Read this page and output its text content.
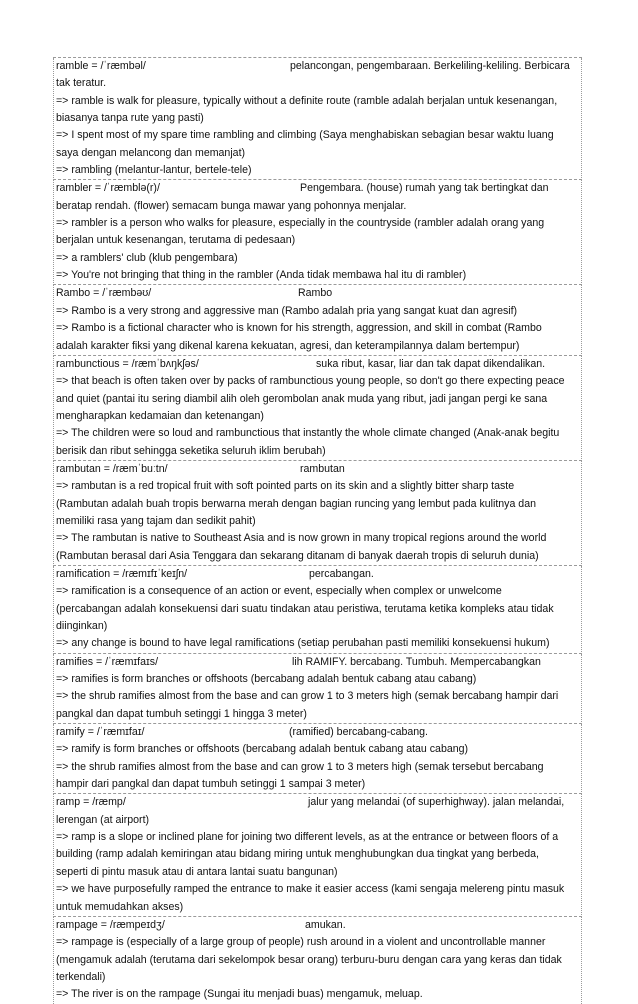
ramble = /ˈræmbəl/	pelancongan, pengembaraan. Berkeliling-keliling. Berbicara
tak teratur.
=> ramble is walk for pleasure, typically without a definite route (ramble adalah berjalan untuk kesenangan,
biasanya tanpa rute yang pasti)
=> I spent most of my spare time rambling and climbing (Saya menghabiskan sebagian besar waktu luang
saya dengan melancong dan memanjat)
=> rambling (melantur-lantur, bertele-tele)
rambler = /ˈræmblə(r)/	Pengembara. (house) rumah yang tak bertingkat dan
beratap rendah. (flower) semacam bunga mawar yang pohonnya menjalar.
=> rambler is a person who walks for pleasure, especially in the countryside (rambler adalah orang yang
berjalan untuk kesenangan, terutama di pedesaan)
=> a ramblers' club (klub pengembara)
=> You're not bringing that thing in the rambler (Anda tidak membawa hal itu di rambler)
Rambo = /ˈræmbəʊ/	Rambo
=> Rambo is a very strong and aggressive man (Rambo adalah pria yang sangat kuat dan agresif)
=> Rambo is a fictional character who is known for his strength, aggression, and skill in combat (Rambo
adalah karakter fiksi yang dikenal karena kekuatan, agresi, dan keterampilannya dalam bertempur)
rambunctious = /ræmˈbʌŋkʃəs/	suka ribut, kasar, liar dan tak dapat dikendalikan.
=> that beach is often taken over by packs of rambunctious young people, so don't go there expecting peace
and quiet (pantai itu sering diambil alih oleh gerombolan anak muda yang ribut, jadi jangan pergi ke sana
mengharapkan kedamaian dan ketenangan)
=> The children were so loud and rambunctious that instantly the whole climate changed (Anak-anak begitu
berisik dan ribut sehingga seketika seluruh iklim berubah)
rambutan = /ræmˈbuːtn/	rambutan
=> rambutan is a red tropical fruit with soft pointed parts on its skin and a slightly bitter sharp taste
(Rambutan adalah buah tropis berwarna merah dengan bagian runcing yang lembut pada kulitnya dan
memiliki rasa yang tajam dan sedikit pahit)
=> The rambutan is native to Southeast Asia and is now grown in many tropical regions around the world
(Rambutan berasal dari Asia Tenggara dan sekarang ditanam di banyak daerah tropis di seluruh dunia)
ramification = /ræmɪfɪˈkeɪʃn/	percabangan.
=> ramification is a consequence of an action or event, especially when complex or unwelcome
(percabangan adalah konsekuensi dari suatu tindakan atau peristiwa, terutama ketika kompleks atau tidak
diinginkan)
=> any change is bound to have legal ramifications (setiap perubahan pasti memiliki konsekuensi hukum)
ramifies = /ˈræmɪfaɪs/	lih RAMIFY. bercabang. Tumbuh. Mempercabangkan
=> ramifies is form branches or offshoots (bercabang adalah bentuk cabang atau cabang)
=> the shrub ramifies almost from the base and can grow 1 to 3 meters high (semak bercabang hampir dari
pangkal dan dapat tumbuh setinggi 1 hingga 3 meter)
ramify = /ˈræmɪfaɪ/	(ramified) bercabang-cabang.
=> ramify is form branches or offshoots (bercabang adalah bentuk cabang atau cabang)
=> the shrub ramifies almost from the base and can grow 1 to 3 meters high (semak tersebut bercabang
hampir dari pangkal dan dapat tumbuh setinggi 1 sampai 3 meter)
ramp = /ræmp/	jalur yang melandai (of superhighway). jalan melandai,
lerengan (at airport)
=> ramp is a slope or inclined plane for joining two different levels, as at the entrance or between floors of a
building (ramp adalah kemiringan atau bidang miring untuk menghubungkan dua tingkat yang berbeda,
seperti di pintu masuk atau di antara lantai suatu bangunan)
=> we have purposefully ramped the entrance to make it easier access (kami sengaja melereng pintu masuk
untuk memudahkan akses)
rampage = /ræmpeɪdʒ/	amukan.
=> rampage is (especially of a large group of people) rush around in a violent and uncontrollable manner
(mengamuk adalah (terutama dari sekelompok besar orang) terburu-buru dengan cara yang keras dan tidak
terkendali)
=> The river is on the rampage (Sungai itu menjadi buas) mengamuk, meluap.
